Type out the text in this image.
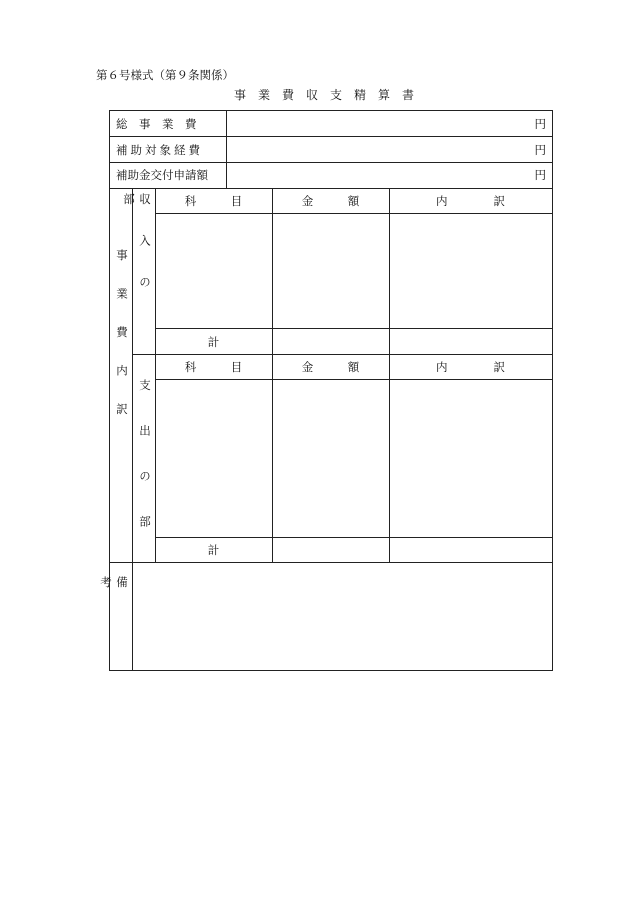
第６号様式（第９条関係）
事業費収支精算書
総　事　業　費	円
補助対象経費	円
補助金交付申請額	円
事業費内訳 収入の部	科　　　目	金　　　額	内　　　　訳
計
支出の部
科　　　目	金　　　額	内　　　　訳
計
備考
